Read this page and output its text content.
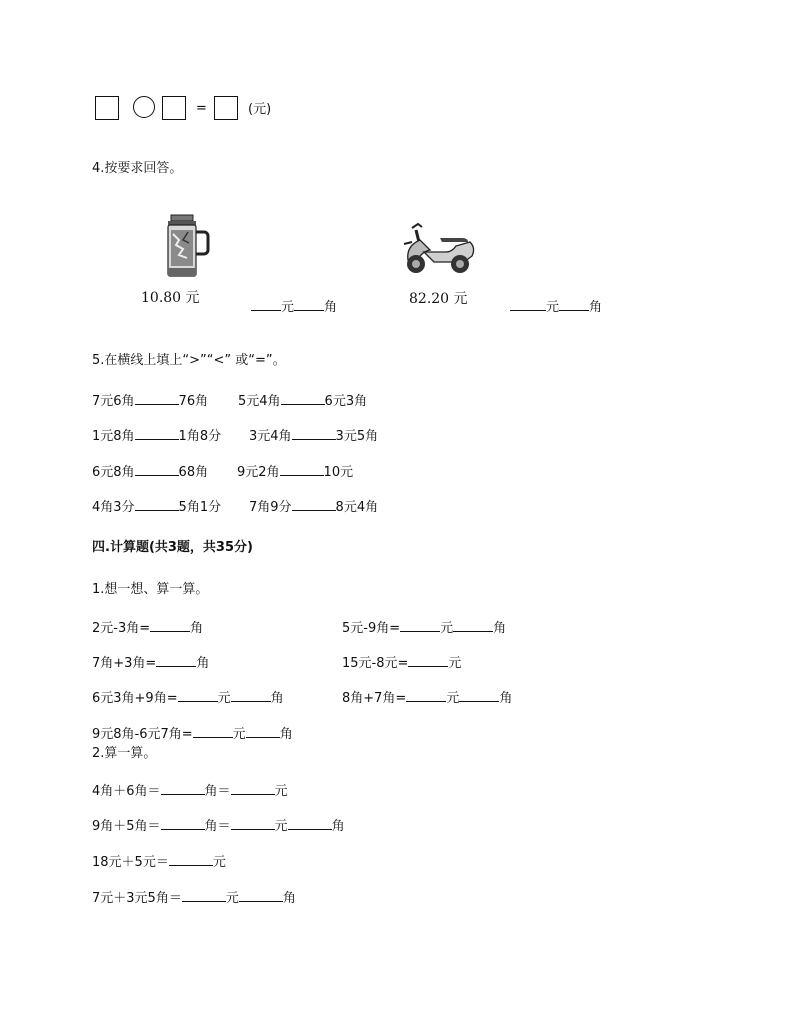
=	(元)
4.按要求回答。
10.80 元
元 角
82.20 元
元 角
5.在横线上填上“>”“<” 或“=”。
7元6角	76角 5元4角	6元3角
1元8角	1角8分 3元4角	3元5角
6元8角	68角 9元2角	10元
4角3分	5角1分 7角9分	8元4角
四.计算题(共3题，共35分)
1.想一想、算一算。
2元-3角=	角	5元-9角=	元	角
7角+3角=	角	15元-8元=	元
6元3角+9角=	元	角	8角+7角=	元	角
9元8角-6元7角=	元	角
2.算一算。
4角＋6角＝	角＝	元
9角＋5角＝	角＝	元	角
18元＋5元＝	元
7元＋3元5角＝	元	角
